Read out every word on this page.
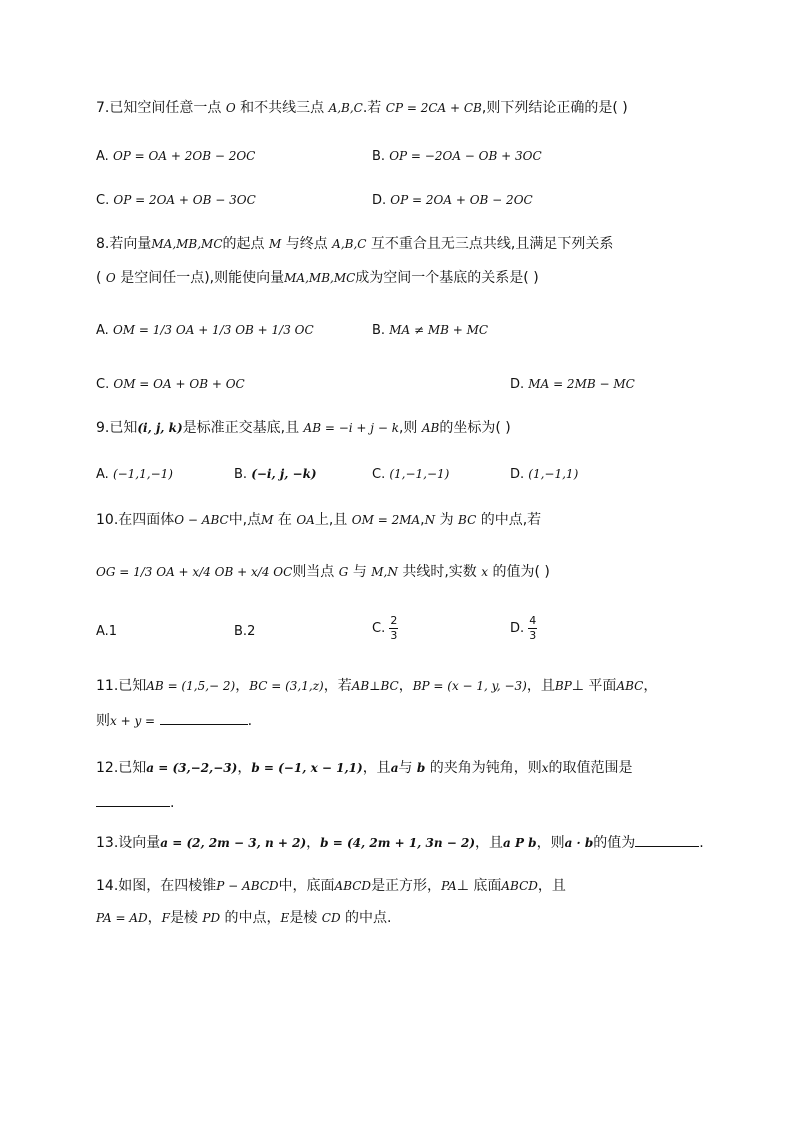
7.已知空间任意一点 O 和不共线三点 A,B,C.若 CP = 2CA + CB,则下列结论正确的是( )
A. OP = OA + 2OB − 2OC	B. OP = −2OA − OB + 3OC
C. OP = 2OA + OB − 3OC	D. OP = 2OA + OB − 2OC
8.若向量MA,MB,MC的起点 M 与终点 A,B,C 互不重合且无三点共线,且满足下列关系
( O 是空间任一点),则能使向量MA,MB,MC成为空间一个基底的关系是( )
A. OM = 1/3 OA + 1/3 OB + 1/3 OC	B. MA ≠ MB + MC
C. OM = OA + OB + OC	D. MA = 2MB − MC
9.已知(i, j, k)是标准正交基底,且 AB = −i + j − k,则 AB的坐标为( )
A. (−1,1,−1)	B. (−i, j, −k)	C. (1,−1,−1)	D. (1,−1,1)
10.在四面体O − ABC中,点M 在 OA上,且 OM = 2MA,N 为 BC 的中点,若
OG = 1/3 OA + x/4 OB + x/4 OC则当点 G 与 M,N 共线时,实数 x 的值为( )
A.1	B.2	C. $\frac{2}{3}$	D. $\frac{4}{3}$
11.已知AB = (1,5,− 2)，BC = (3,1,z)，若AB⊥BC，BP = (x − 1, y, −3)，且BP⊥ 平面ABC，
则x + y =	.
12.已知a = (3,−2,−3)，b = (−1, x − 1,1)，且a与 b 的夹角为钝角，则x的取值范围是
.
13.设向量a = (2, 2m − 3, n + 2)，b = (4, 2m + 1, 3n − 2)，且a P b，则a · b的值为	.
14.如图，在四棱锥P − ABCD中，底面ABCD是正方形，PA⊥ 底面ABCD，且
PA = AD，F是棱 PD 的中点，E是棱 CD 的中点.
